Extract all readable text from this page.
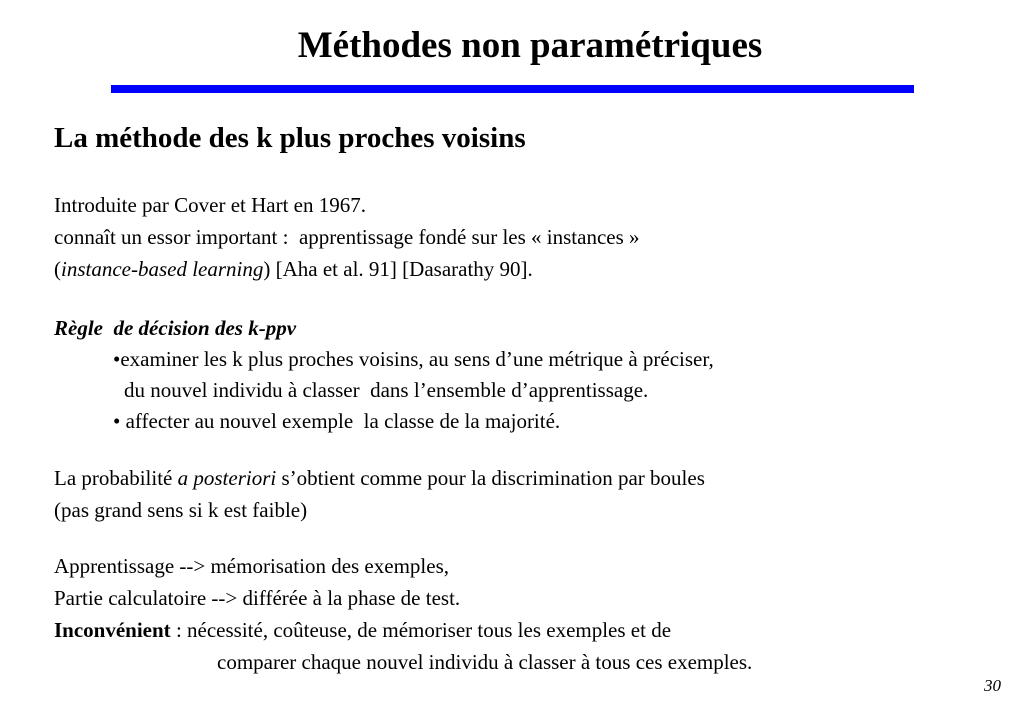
Méthodes non paramétriques
La méthode des k plus proches voisins
Introduite par Cover et Hart en 1967.
connaît un essor important :  apprentissage fondé sur les « instances »
(instance-based learning) [Aha et al. 91] [Dasarathy 90].
Règle  de décision des k-ppv
•examiner les k plus proches voisins, au sens d’une métrique à préciser,
du nouvel individu à classer  dans l’ensemble d’apprentissage.
• affecter au nouvel exemple  la classe de la majorité.
La probabilité a posteriori s’obtient comme pour la discrimination par boules
(pas grand sens si k est faible)
Apprentissage --> mémorisation des exemples,
Partie calculatoire --> différée à la phase de test.
Inconvénient : nécessité, coûteuse, de mémoriser tous les exemples et de
comparer chaque nouvel individu à classer à tous ces exemples.
30
